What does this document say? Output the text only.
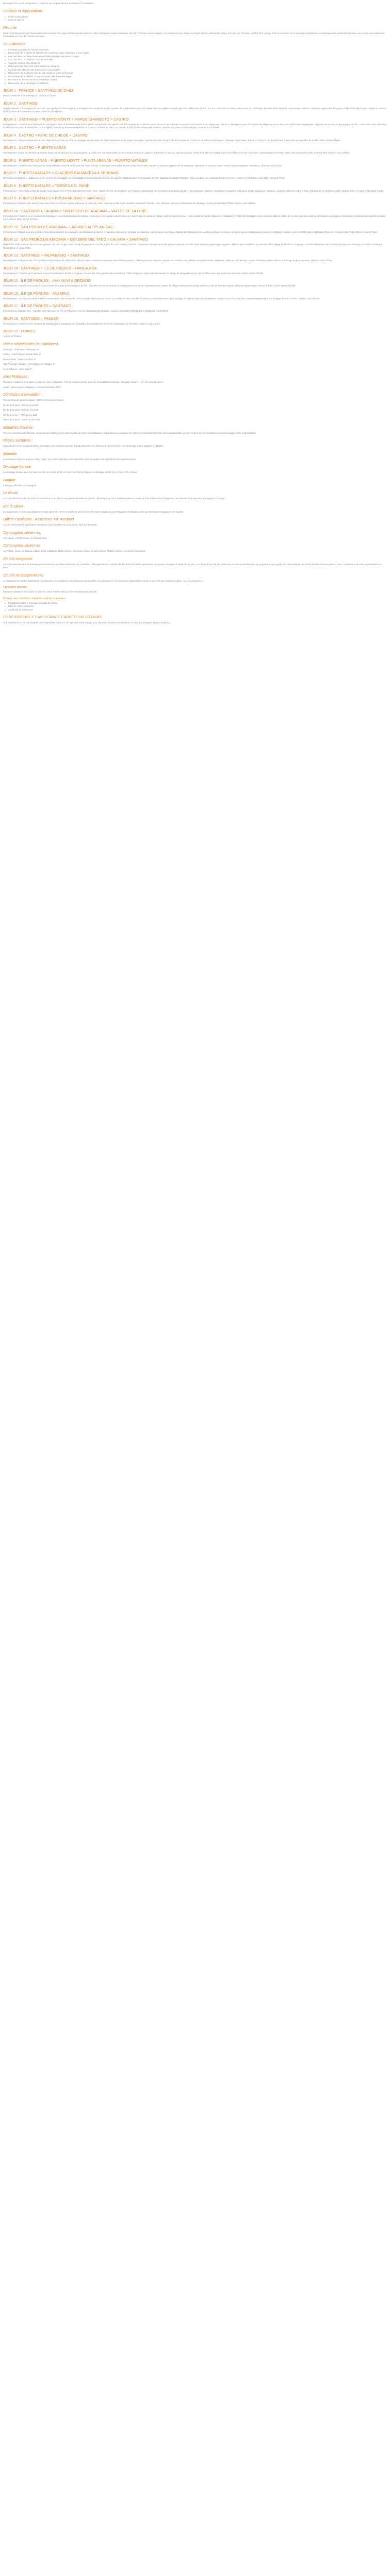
Description En Lycée uniquement | Ce Lycée est uniquement par Formation | Consultation
Services et équipements
▸ Guide Francophone
▸ Couvert Agence
Résumé

Partez à la découverte de l'Ouest américain le temps d'un séjour mêlant grands espaces, villes mythiques et parcs nationaux. De San Francisco à Los Angeles, en passant par Las Vegas, le Grand Canyon, Monument Valley et le parc de Yosemite, profitez d'un voyage riche en émotions et en paysages grandioses. Accompagné d'un guide francophone, vous vivrez une expérience inoubliable au cœur de l'Ouest Américain.

Vous aimerez :
▸ L'itinéraire complet de l'Ouest Américain
▸ Découverte de la Vallée de la Mort, des nombreux parcs nationaux et Las Vegas
▸ Une nuit dans un lodge à Monument Valley au cœur des terres Navajo
▸ Une nuit dans un hôtel au cœur de Yosemite
▸ Visite de Sedona et la Route 66
▸ Hébergements dans des hôtels de bonne catégorie
▸ La visite des villes de San Francisco et Los Angeles
▸ Découverte de la grande Ville de Las Vegas au cœur du Nevada
▸ Découverte de la célèbre Scenic Drive de Lake Powell et Page
▸ Excursion en bateau sur le lac Powell (en option)
▸ Découverte de la montagne de Williams
JOUR 1 : FRANCE > SANTIAGO DU CHILI

Envol à destination de Santiago du Chili. Nuit à bord.

JOUR 2 : SANTIAGO

Arrivée matinale à Santiago et accueil par votre guide local francophone. Transfert et découverte de la ville, capitale de la République du Chili, située dans une vallée entourée par la Cordillère des Andes : le Cerro Santa Lucia, la Plaza de Armas, la Cathédrale, le Palais de la Moneda et le quartier Lastarria. Déjeuner. Après-midi libre pour profiter de la ville à votre rythme ou partir à la découverte des nombreux musées. Dîner et nuit à l'hôtel.

JOUR 3 : SANTIAGO > PUERTO MONTT > MARDE CHANGOTO > CASTRO

Petit déjeuner. Transfert vers l'aéroport de Santiago et envol à destination de Puerto Montt. Accueil par votre guide local. Découverte de la ville de Puerto Montt et ses marchés de poisson et artisanat local. Départ vers l'île de Chiloé en bac puis découverte du village de Ancud avec ses fortifications espagnoles. Déjeuner de curanto, le plat typique de l'île. Continuation vers Dalcahue et visite de son marché artisanal et de son église, classée au Patrimoine Mondial de l'Unesco. Arrivée à Castro, la capitale de l'île, et découverte des palafitos, maisons sur pilotis emblématiques. Dîner et nuit à l'hôtel.

JOUR 4 : CASTRO > PARC DE CHILOÉ > CASTRO

Petit déjeuner. Départ matinal vers le Parc National de Chiloé qui offre un paysage spectaculaire de forêts tempérées et de plages sauvages. Randonnée dans le parc à la découverte de la faune et de la flore endémiques. Déjeuner pique-nique. Retour à Castro en fin d'après-midi, temps libre pour profiter de la ville. Dîner et nuit à l'hôtel.

JOUR 5 : CASTRO > PUERTO VARAS

Petit déjeuner. Route en direction de Puerto Varas, située au bord du lac Llanquihue, qui offre une vue imprenable sur les volcans Osorno et Calbuco. Traversée en bac du canal de Chacao. Visite de la ville de Frutillar et de son théâtre sur le lac. Déjeuner. Continuation vers Puerto Varas, découverte de la ville et temps libre. Dîner et nuit à l'hôtel.

JOUR 6 : PUERTO VARAS > PUERTO MONTT > PUNTA ARENAS > PUERTO NATALES

Petit déjeuner. Transfert vers l'aéroport de Puerto Montt et envol à destination de Punta Arenas. Accueil par votre guide local et route vers Puerto Natales à travers les plaines de la Patagonie. Déjeuner en cours de route. Arrivée à Puerto Natales, installation, dîner et nuit à l'hôtel.

JOUR 7 : PUERTO NATALES > GLACIERS BALMACEDA & SERRANO

Petit déjeuner. Départ en bateau pour une journée de navigation sur le fjord Última Esperanza. Découverte des glaciers Balmaceda et Serrano dans le Parc National Bernardo O'Higgins. Déjeuner dans une estancia. Retour à Puerto Natales en fin d'après-midi. Dîner et nuit à l'hôtel.

JOUR 8 : PUERTO NATALES > TORRES DEL PAINE

Petit déjeuner. Visite de la grotte du Milodon puis départ vers le Parc National Torres del Paine, classé réserve de biosphère par l'Unesco. Découverte des paysages grandioses du parc : lacs turquoise, glaciers, montagnes escarpées et la faune locale (guanacos, nandous, condors). Déjeuner dans le parc. Randonnée et nombreux arrêts photos. Dîner et nuit à l'hôtel dans le parc.

JOUR 9 : PUERTO NATALES > PUNTA ARENAS > SANTIAGO

Petit déjeuner. Matinée libre dans le parc puis route vers Punta Arenas. Déjeuner en cours de route. Visite de la ville et du cimetière municipal. Transfert vers l'aéroport et envol à destination de Santiago. Accueil et transfert à l'hôtel. Dîner et nuit à l'hôtel.

JOUR 10 : SANTIAGO > CALAMA > SAN PEDRO DE ATACAMA – VALLÉE DE LA LUNE

Petit déjeuner. Transfert vers l'aéroport de Santiago et envol à destination de Calama. Accueil par votre guide local et route vers San Pedro de Atacama, village situé au cœur du désert le plus aride du monde. Déjeuner. Installation à l'hôtel. En fin d'après-midi, excursion dans la Vallée de la Lune pour découvrir ses formations géologiques étonnantes et assister au coucher du soleil sur le désert. Dîner et nuit à l'hôtel.

JOUR 11 : SAN PEDRO DE ATACAMA – LAGUNES ALTIPLANICAS

Petit déjeuner. Départ pour une journée d'excursion à travers les paysages spectaculaires du désert d'Atacama. Découverte du Salar de Atacama et de la lagune de Chaxa, habitat des flamants roses. Visite du village de Socaire puis des lagunes altiplaniques Miscanti et Miñiques situées à plus de 4000 mètres d'altitude. Déjeuner. Retour à San Pedro. Dîner et nuit à l'hôtel.

JOUR 12 : SAN PEDRO DE ATACAMA > GEYSERS DEL TATIO > CALAMA > SANTIAGO

Départ très tôt le matin en direction des geysers del Tatio, le plus haut champ de geysers du monde, à plus de 4300 mètres d'altitude. Observation du spectacle des geysers au lever du soleil. Petit déjeuner pique-nique sur place. Retour vers San Pedro en passant par le village de Machuca. Déjeuner. Transfert à l'aéroport de Calama et envol pour Santiago. Accueil et transfert à l'hôtel. Dîner et nuit à l'hôtel.

JOUR 13 : SANTIAGO > VALPARAISO > SANTIAGO

Petit déjeuner. Départ vers la côte pacifique et découverte de Valparaiso, ville portuaire classée au Patrimoine Mondial de l'Unesco, célèbre pour ses maisons colorées accrochées aux collines et ses funiculaires. Déjeuner. Visite de Viña del Mar, station balnéaire voisine. Retour à Santiago en fin de journée. Dîner et nuit à l'hôtel.

JOUR 14 : SANTIAGO > ÎLE DE PÂQUES – HANGA ROA

Petit déjeuner. Transfert vers l'aéroport et envol à destination de l'île de Pâques. Accueil par votre guide local et transfert à l'hôtel. Déjeuner. Après-midi découverte du village de Hanga Roa et du site de Tahai avec ses moais face à l'océan. Dîner et nuit à l'hôtel.

JOUR 15 : ÎLE DE PÂQUES – AHU AKIVI & ORONGO

Petit déjeuner. Journée d'excursion à la découverte des sites archéologiques de l'île : Ahu Akivi et ses sept moais, le volcan Rano Kau et son impressionnant cratère, le village cérémoniel d'Orongo dédié au culte de l'homme-oiseau. Déjeuner pique-nique. Retour à l'hôtel. Dîner et nuit à l'hôtel.

JOUR 16 : ÎLE DE PÂQUES – ANAKENA

Petit déjeuner. Journée consacrée à la découverte de la côte est de l'île : Ahu Tongariki et ses quinze moais, la carrière de Rano Raraku où étaient sculptés les moais, puis la plage d'Anakena entourée de palmiers et ses moais d'Ahu Nau Nau. Déjeuner pique-nique sur la plage. Retour à l'hôtel. Dîner et nuit à l'hôtel.

JOUR 17 : ÎLE DE PÂQUES > SANTIAGO

Petit déjeuner. Matinée libre. Transfert vers l'aéroport de l'île de Pâques et envol à destination de Santiago. Accueil et transfert à l'hôtel. Dîner d'adieu et nuit à l'hôtel.

JOUR 18 : SANTIAGO > FRANCE

Petit déjeuner. Transfert vers l'aéroport de Santiago pour assistance aux formalités d'enregistrement et envol à destination de la France. Dîner et nuit à bord.

JOUR 19 : FRANCE

Arrivée en France.

Hôtels sélectionnés (ou similaires) :

Santiago : Hotel Atton El Bosque 4*

Castro : Hotel Parque Quinta Gaby 4*

Puerto Varas : Hotel Cumbres 4*

San Pedro de Atacama : Hotel Diego de Almagro 4*

Île de Pâques : Hotel Otai 3*

Infos Pratiques :

Passeport valable 6 mois après la date de retour obligatoire. Pas de visa nécessaire pour les ressortissants français. Décalage horaire : -4 à -6h selon la saison.

Santé : aucun vaccin obligatoire. Courant électrique 220V.

Conditions d'annulation :

Plus de 60 jours avant le départ : 150€ de frais par personne

De 60 à 31 jours : 25% du prix total

De 30 à 21 jours : 50% du prix total

De 20 à 8 jours : 75% du prix total

Moins de 8 jours : 100% du prix total

Modalités d'entrée :

Pour les ressortissants français, un passeport valable 6 mois après la date de retour est obligatoire. Il appartient au voyageur de vérifier les formalités d'entrée selon sa nationalité. Le non-respect de ces formalités ne saurait engager notre responsabilité.

Règles sanitaires :

Vaccinations à jour recommandées. Consultez votre médecin avant le départ. Emporter une pharmacie personnelle et une protection solaire adaptée à l'altitude.

Monnaie

La monnaie locale est le peso chilien (CLP). Les cartes bancaires internationales sont acceptées dans la plupart des établissements.

Décalage horaire

Le décalage horaire avec la France est de -4h en été et -6h en hiver. Sur l'île de Pâques, le décalage est de -6h en été et -8h en hiver.

Langue

La langue officielle est l'espagnol.

Le climat

Le Chili s'étend sur plus de 4000 km du nord au sud, offrant une grande diversité de climats : désertique au nord, méditerranéen au centre et froid et humide en Patagonie. Les saisons sont inversées par rapport à l'Europe.

Bon à savoir

Les pourboires ne sont pas obligatoires mais appréciés. Il est conseillé de prévoir des vêtements chauds pour la Patagonie et l'altiplano ainsi que de bonnes chaussures de marche.

Option Facultative : Assistance VIP Aéroport

Accueil personnalisé à l'aéroport, assistance aux formalités et accès salon. Tarif sur demande.

Compagnies aériennes:

Air France, LATAM, Iberia, Air Europa, KLM.

Compagnies aériennes

Air France, Iberia, Air Europa, Latam, KLM, Lufthansa, Delta Airlines, American Airlines, United Airlines, Turkish Airlines, Aerolineas Argentinas.

Ce prix comprend

Les vols internationaux et domestiques mentionnés, les taxes aériennes, les transferts, l'hébergement en chambre double dans les hôtels mentionnés, la pension complète du déjeuner du jour 2 au dîner du jour 18, les visites et excursions mentionnées au programme avec guide local francophone, les droits d'entrée dans les sites et parcs, l'assistance de notre représentant sur place.

Ce prix ne comprend pas

Le supplément chambre individuelle, les boissons, les pourboires, les dépenses personnelles, les assurances, les excursions optionnelles et tout ce qui n'est pas mentionné dans « ce prix comprend ».

Formalités d'entrée

Passeport valable 6 mois après la date de retour. Pas de visa pour les ressortissants français.

À noter, les conditions d'entrée sont les suivantes :
▸ Passeport valable 6 mois après la date de retour
▸ Billet de retour obligatoire
▸ Justificatif de ressources
CONCIERGERIE ET ASSISTANCE CARREFOUR VOYAGES

Une assistance et une conciergerie sont disponibles 24h/24 et 7j/7 pendant votre voyage pour répondre à toutes vos questions et vous accompagner en cas d'imprévu.
